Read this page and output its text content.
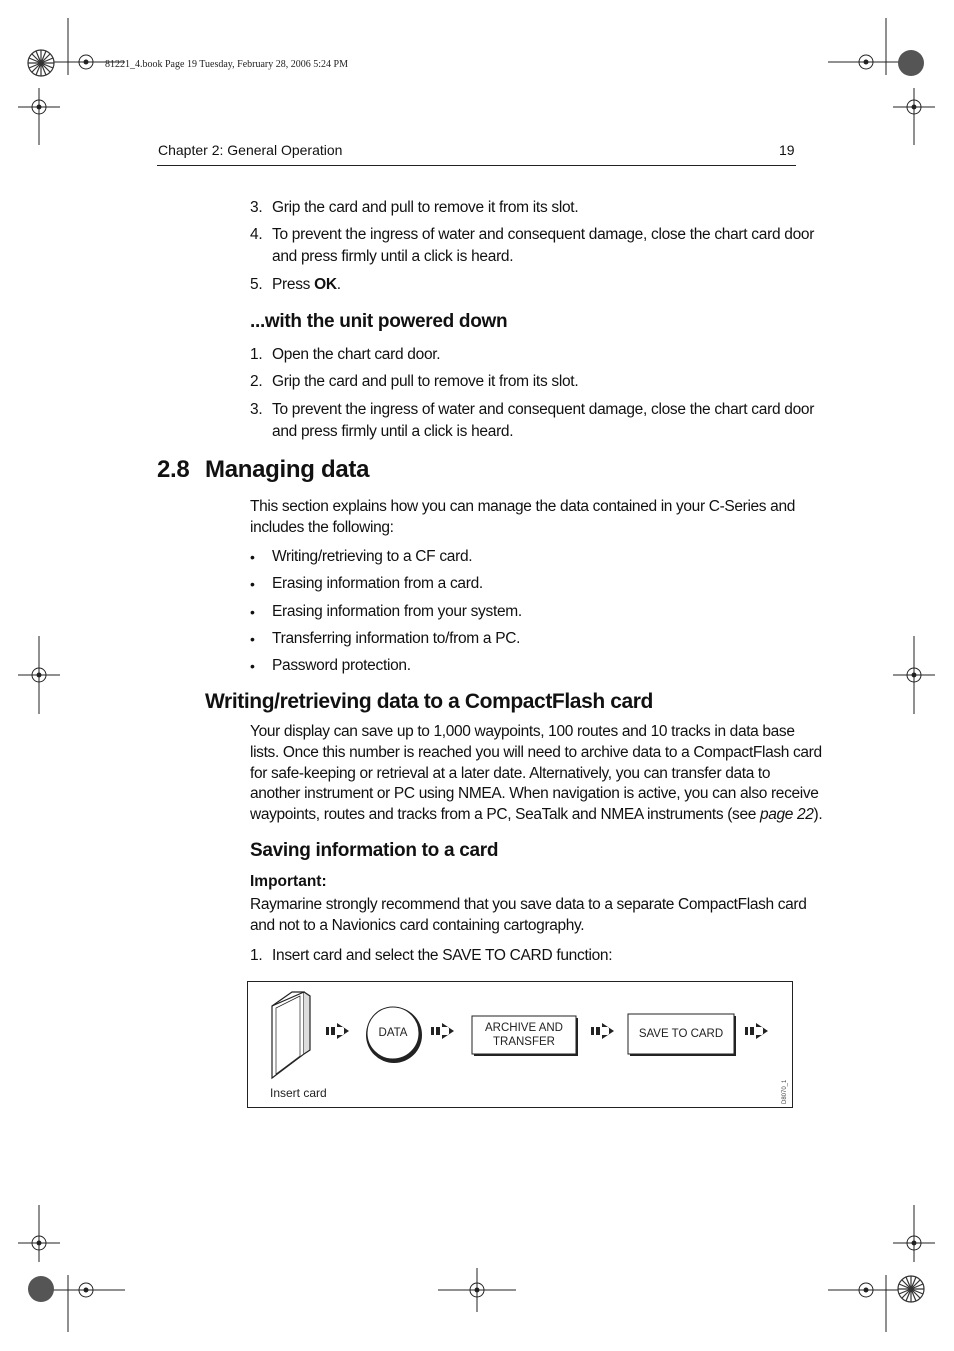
81221_4.book Page 19 Tuesday, February 28, 2006 5:24 PM
Chapter 2: General Operation	19
3. Grip the card and pull to remove it from its slot.
4. To prevent the ingress of water and consequent damage, close the chart card door
and press firmly until a click is heard.
5. Press OK.
...with the unit powered down
1. Open the chart card door.
2. Grip the card and pull to remove it from its slot.
3. To prevent the ingress of water and consequent damage, close the chart card door
and press firmly until a click is heard.
2.8 Managing data
This section explains how you can manage the data contained in your C-Series and
includes the following:
• Writing/retrieving to a CF card.
• Erasing information from a card.
• Erasing information from your system.
• Transferring information to/from a PC.
• Password protection.
Writing/retrieving data to a CompactFlash card
Your display can save up to 1,000 waypoints, 100 routes and 10 tracks in data base
lists. Once this number is reached you will need to archive data to a CompactFlash card
for safe-keeping or retrieval at a later date. Alternatively, you can transfer data to
another instrument or PC using NMEA. When navigation is active, you can also receive
waypoints, routes and tracks from a PC, SeaTalk and NMEA instruments (see page 22).
Saving information to a card
Important:
Raymarine strongly recommend that you save data to a separate CompactFlash card
and not to a Navionics card containing cartography.
1. Insert card and select the SAVE TO CARD function:
DATA	ARCHIVE AND
TRANSFER
SAVE TO CARD
Insert card	D8070_1
